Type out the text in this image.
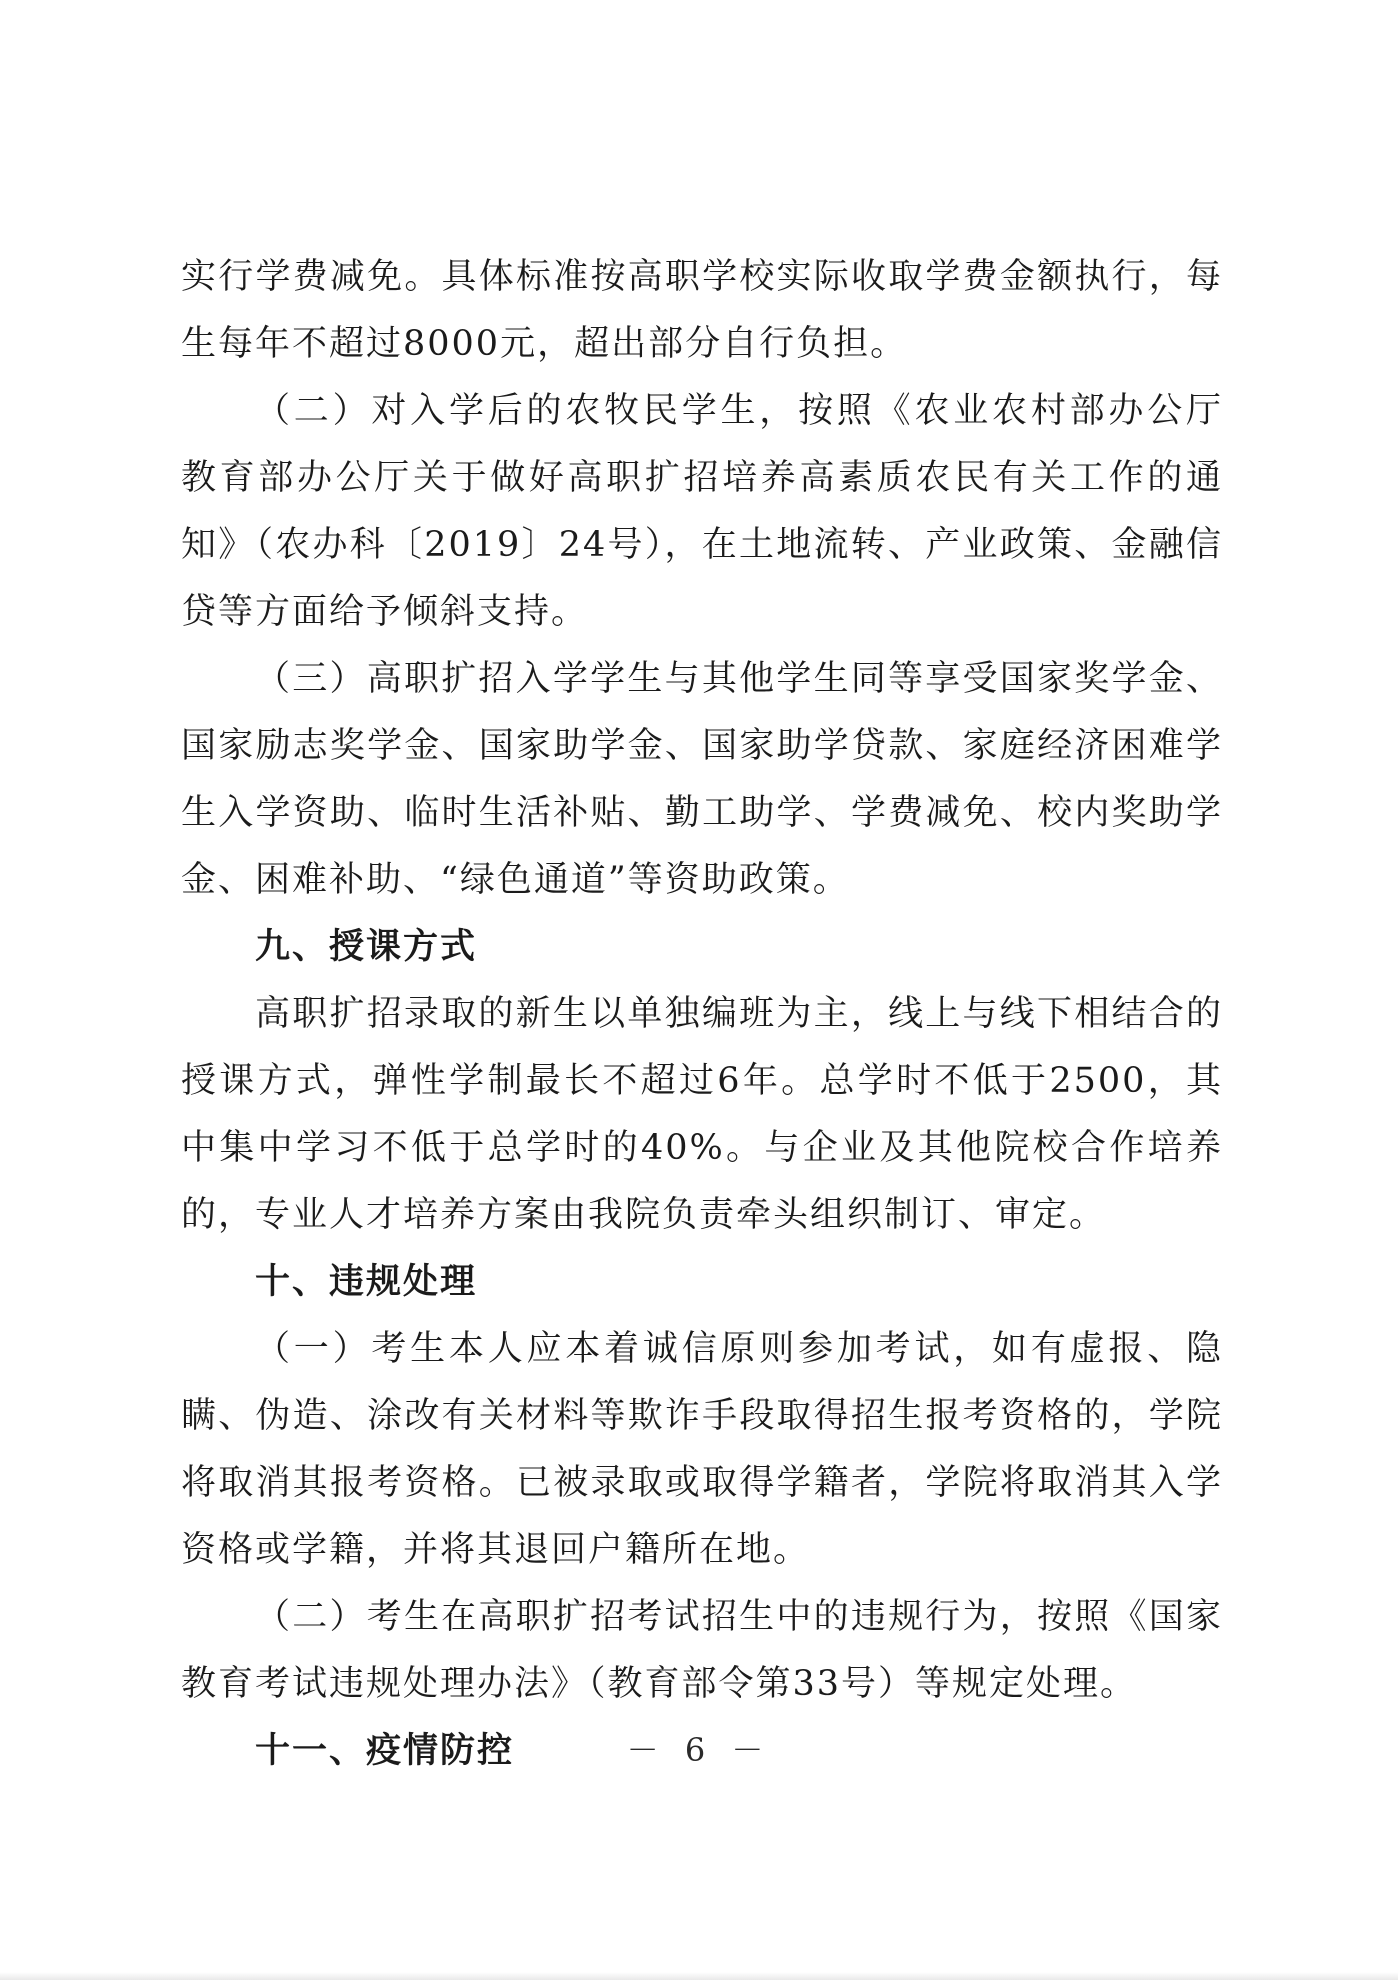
实行学费减免。具体标准按高职学校实际收取学费金额执行，每生每年不超过8000元，超出部分自行负担。

（二）对入学后的农牧民学生，按照《农业农村部办公厅 教育部办公厅关于做好高职扩招培养高素质农民有关工作的通知》（农办科〔2019〕24号），在土地流转、产业政策、金融信贷等方面给予倾斜支持。

（三）高职扩招入学学生与其他学生同等享受国家奖学金、国家励志奖学金、国家助学金、国家助学贷款、家庭经济困难学生入学资助、临时生活补贴、勤工助学、学费减免、校内奖助学金、困难补助、“绿色通道”等资助政策。

九、授课方式

高职扩招录取的新生以单独编班为主，线上与线下相结合的授课方式，弹性学制最长不超过6年。总学时不低于2500，其中集中学习不低于总学时的40%。与企业及其他院校合作培养的，专业人才培养方案由我院负责牵头组织制订、审定。

十、违规处理

（一）考生本人应本着诚信原则参加考试，如有虚报、隐瞒、伪造、涂改有关材料等欺诈手段取得招生报考资格的，学院将取消其报考资格。已被录取或取得学籍者，学院将取消其入学资格或学籍，并将其退回户籍所在地。

（二）考生在高职扩招考试招生中的违规行为，按照《国家教育考试违规处理办法》（教育部令第33号）等规定处理。

十一、疫情防控	－ 6 －
